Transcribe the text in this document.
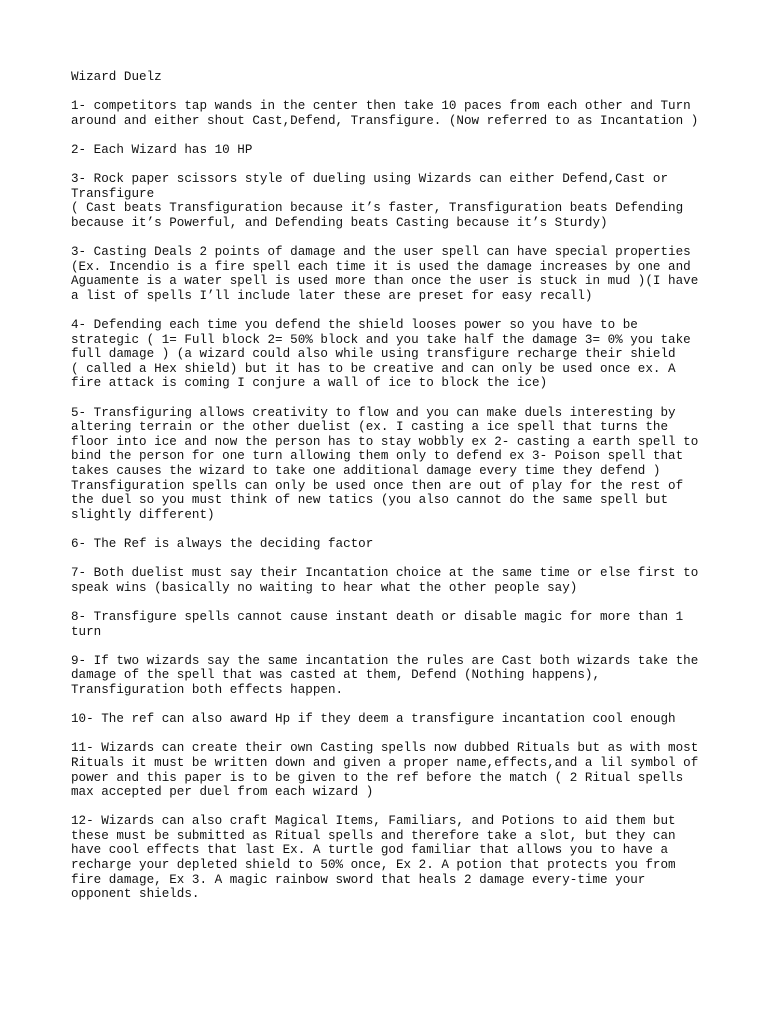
Wizard Duelz
1- competitors tap wands in the center then take 10 paces from each other and Turn
around and either shout Cast,Defend, Transfigure. (Now referred to as Incantation )
2- Each Wizard has 10 HP
3- Rock paper scissors style of dueling using Wizards can either Defend,Cast or
Transfigure
( Cast beats Transfiguration because it’s faster, Transfiguration beats Defending
because it’s Powerful, and Defending beats Casting because it’s Sturdy)
3- Casting Deals 2 points of damage and the user spell can have special properties
(Ex. Incendio is a fire spell each time it is used the damage increases by one and
Aguamente is a water spell is used more than once the user is stuck in mud )(I have
a list of spells I’ll include later these are preset for easy recall)
4- Defending each time you defend the shield looses power so you have to be
strategic ( 1= Full block 2= 50% block and you take half the damage 3= 0% you take
full damage ) (a wizard could also while using transfigure recharge their shield
( called a Hex shield) but it has to be creative and can only be used once ex. A
fire attack is coming I conjure a wall of ice to block the ice)
5- Transfiguring allows creativity to flow and you can make duels interesting by
altering terrain or the other duelist (ex. I casting a ice spell that turns the
floor into ice and now the person has to stay wobbly ex 2- casting a earth spell to
bind the person for one turn allowing them only to defend ex 3- Poison spell that
takes causes the wizard to take one additional damage every time they defend )
Transfiguration spells can only be used once then are out of play for the rest of
the duel so you must think of new tatics (you also cannot do the same spell but
slightly different)
6- The Ref is always the deciding factor
7- Both duelist must say their Incantation choice at the same time or else first to
speak wins (basically no waiting to hear what the other people say)
8- Transfigure spells cannot cause instant death or disable magic for more than 1
turn
9- If two wizards say the same incantation the rules are Cast both wizards take the
damage of the spell that was casted at them, Defend (Nothing happens),
Transfiguration both effects happen.
10- The ref can also award Hp if they deem a transfigure incantation cool enough
11- Wizards can create their own Casting spells now dubbed Rituals but as with most
Rituals it must be written down and given a proper name,effects,and a lil symbol of
power and this paper is to be given to the ref before the match ( 2 Ritual spells
max accepted per duel from each wizard )
12- Wizards can also craft Magical Items, Familiars, and Potions to aid them but
these must be submitted as Ritual spells and therefore take a slot, but they can
have cool effects that last Ex. A turtle god familiar that allows you to have a
recharge your depleted shield to 50% once, Ex 2. A potion that protects you from
fire damage, Ex 3. A magic rainbow sword that heals 2 damage every-time your
opponent shields.
